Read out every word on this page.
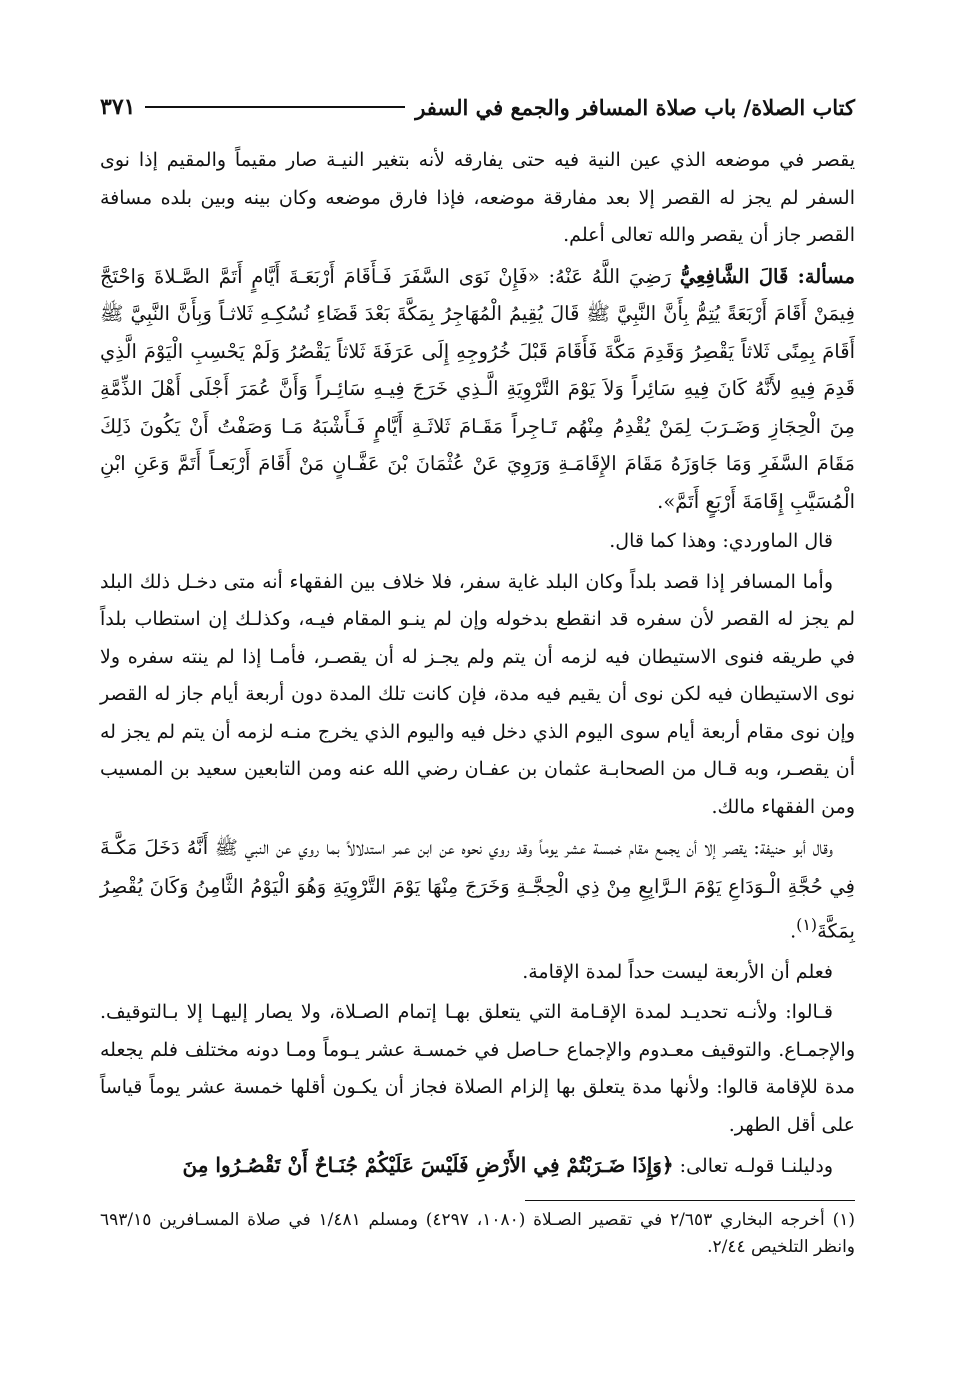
كتاب الصلاة/ باب صلاة المسافر والجمع في السفر
٣٧١

يقصر في موضعه الذي عين النية فيه حتى يفارقه لأنه بتغير النيـة صار مقيماً والمقيم إذا نوى السفر لم يجز له القصر إلا بعد مفارقة موضعه، فإذا فارق موضعه وكان بينه وبين بلده مسافة القصر جاز أن يقصر والله تعالى أعلم.

مسألة: قَالَ الشَّافِعِيُّ رَضِيَ اللَّهُ عَنْهُ: «فَإِنْ نَوَى السَّفَرَ فَـأَقَامَ أَرْبَعَـةَ أَيَّامٍ أَتَمَّ الصَّـلاةَ وَاحْتَجَّ فِيمَنْ أَقَامَ أَرْبَعَةً يُتِمُّ بِأَنَّ النَّبِيَّ ﷺ قَالَ يُقِيمُ الْمُهَاجِرُ بِمَكَّةَ بَعْدَ قَضَاءِ نُسُكِـهِ ثَلاثـاً وَبِأَنَّ النَّبِيَّ ﷺ أَقَامَ بِمِنًى ثَلاثاً يَقْصِرُ وَقَدِمَ مَكَّةَ فَأَقَامَ قَبْلَ خُرُوجِهِ إِلَى عَرَفَةَ ثَلاثاً يَقْصُرُ وَلَمْ يَحْسِبِ الْيَوْمَ الَّذِي قَدِمَ فِيهِ لأَنَّهُ كَانَ فِيهِ سَائِراً وَلاَ يَوْمَ التَّرْوِيَةِ الَّـذِي خَرَجَ فِيـهِ سَائِـراً وَأَنَّ عُمَرَ أَجْلَى أَهْلَ الذِّمَّةِ مِنَ الْحِجَازِ وَضَـرَبَ لِمَنْ يُقْدِمُ مِنْهُم تَـاجِراً مَقَـامَ ثَلاثَـةِ أَيَّامٍ فَـأَشْبَهُ مَـا وَصَفْتُ أَنْ يَكُونَ ذَلِكَ مَقَامَ السَّفَرِ وَمَا جَاوَزَهُ مَقَامَ الإِقَامَـةِ وَرَوِيَ عَنْ عُثْمَانَ بْنَ عَفَّـانٍ مَنْ أَقَامَ أَرْبَعـاً أَتَمَّ وَعَنِ ابْنِ الْمُسَيَّبِ إِقَامَةَ أَرْبَعٍ أَتَمَّ».

قال الماوردي: وهذا كما قال.

وأما المسافر إذا قصد بلداً وكان البلد غاية سفر، فلا خلاف بين الفقهاء أنه متى دخـل ذلك البلد لم يجز له القصر لأن سفره قد انقطع بدخوله وإن لم ينـو المقام فيـه، وكذلـك إن استطاب بلداً في طريقه فنوى الاستيطان فيه لزمه أن يتم ولم يجـز له أن يقصـر، فأمـا إذا لم ينته سفره ولا نوى الاستيطان فيه لكن نوى أن يقيم فيه مدة، فإن كانت تلك المدة دون أربعة أيام جاز له القصر وإن نوى مقام أربعة أيام سوى اليوم الذي دخل فيه واليوم الذي يخرج منـه لزمه أن يتم لم يجز له أن يقصـر، وبه قـال من الصحابـة عثمان بن عفـان رضي الله عنه ومن التابعين سعيد بن المسيب ومن الفقهاء مالك.

وقال أبو حنيفة: يقصر إلا أن يجمع مقام خمسة عشر يوماً وقد روي نحوه عن ابن عمر استدلالاً بما روي عن النبي ﷺ أَنَّهُ دَخَلَ مَكَّـةَ فِي حُجَّةِ الْـوَدَاعِ يَوْمَ الـرَّابِعِ مِنْ ذِي الْحِجَّـةِ وَخَرَجَ مِنْهَا يَوْمَ التَّرْوِيَةِ وَهُوَ الْيَوْمُ الثَّامِنُ وَكَانَ يُقْصِرُ بِمَكَّةَ$^{(١)}$.

فعلم أن الأربعة ليست حداً لمدة الإقامة.

قـالوا: ولأنـه تحديـد لمدة الإقـامة التي يتعلق بهـا إتمام الصـلاة، ولا يصار إليهـا إلا بـالتوقيف. والإجمـاع. والتوقيف معـدوم والإجماع حـاصل في خمسـة عشر يـوماً ومـا دونه مختلف فلم يجعله مدة للإقامة قالوا: ولأنها مدة يتعلق بها إلزام الصلاة فجاز أن يكـون أقلها خمسة عشر يوماً قياساً على أقل الطهر.

ودليلنـا قولـه تعالى: ﴿وَإِذَا ضَـرَبْتُمْ فِي الأَرْضِ فَلَيْسَ عَلَيْكُمْ جُنَـاحٌ أَنْ تَقْصُـرُوا مِنَ

(١) أخرجه البخاري ٢/٦٥٣ في تقصير الصـلاة (١٠٨٠، ٤٢٩٧) ومسلم ١/٤٨١ في صلاة المسـافرين ٦٩٣/١٥ وانظر التلخيص ٢/٤٤.
